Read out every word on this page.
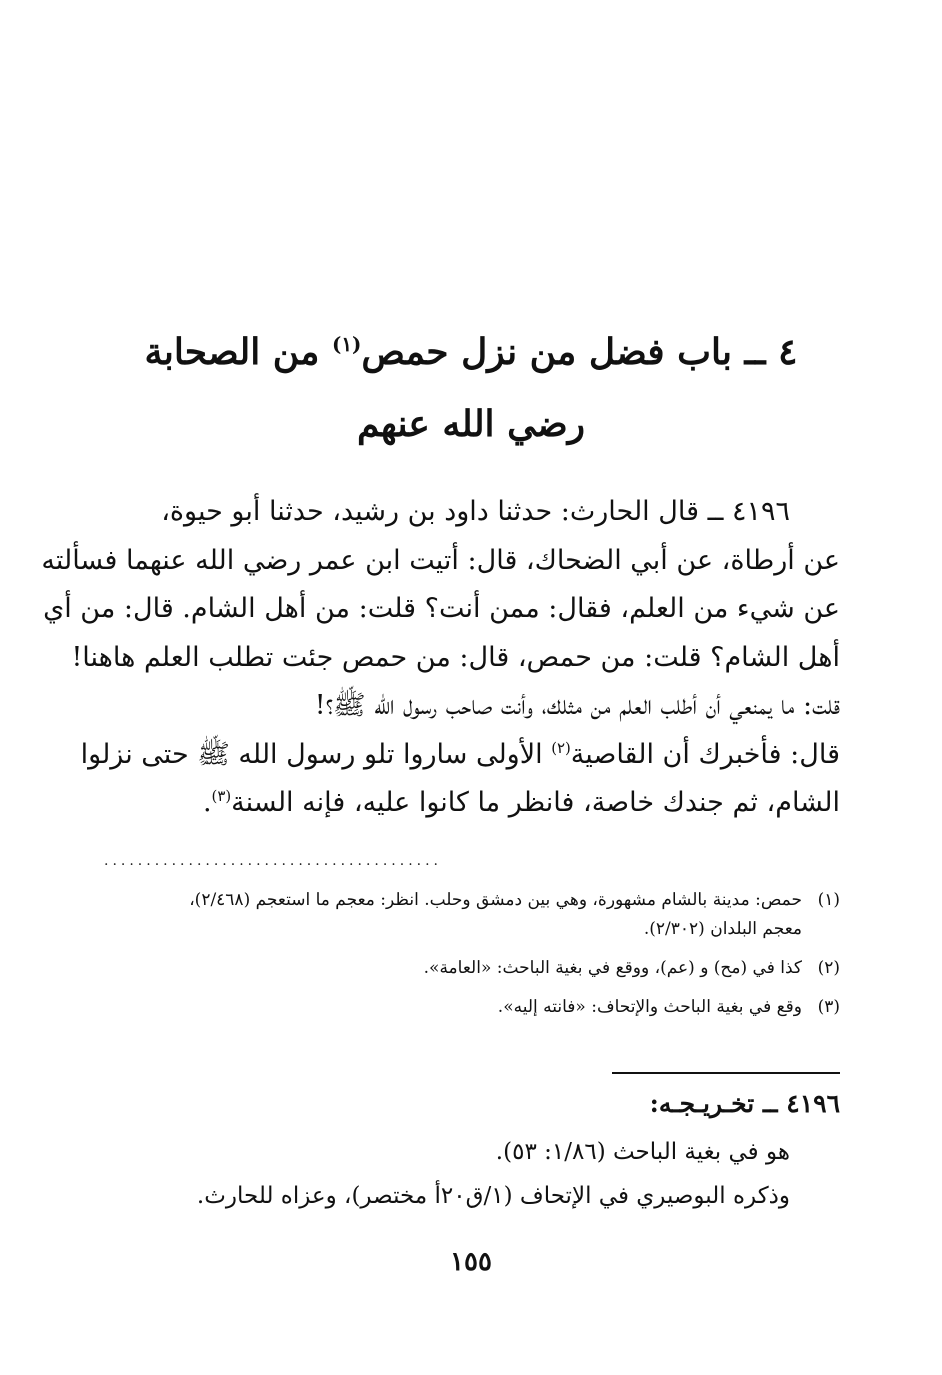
٤ ــ باب فضل من نزل حمص$^{(١)}$ من الصحابة
رضي الله عنهم
٤١٩٦ ــ قال الحارث: حدثنا داود بن رشيد، حدثنا أبو حيوة،
عن أرطاة، عن أبي الضحاك، قال: أتيت ابن عمر رضي الله عنهما فسألته
عن شيء من العلم، فقال: ممن أنت؟ قلت: من أهل الشام. قال: من أي
أهل الشام؟ قلت: من حمص، قال: من حمص جئت تطلب العلم هاهنا!
قلت: ما يمنعي أن أطلب العلم من مثلك، وأنت صاحب رسول الله ﷺ؟!
قال: فأخبرك أن القاصية$^{(٢)}$ الأولى ساروا تلو رسول الله ﷺ حتى نزلوا
الشام، ثم جندك خاصة، فانظر ما كانوا عليه، فإنه السنة$^{(٣)}$.
........................................
(١)حمص: مدينة بالشام مشهورة، وهي بين دمشق وحلب. انظر: معجم ما استعجم (٢/٤٦٨)،
معجم البلدان (٢/٣٠٢).
(٢)كذا في (مح) و (عم)، ووقع في بغية الباحث: «العامة».
(٣)وقع في بغية الباحث والإتحاف: «فانته إليه».
٤١٩٦ ــ تخـريـجـه:
هو في بغية الباحث (١/٨٦: ٥٣).
وذكره البوصيري في الإتحاف (١/ق٢٠أ مختصر)، وعزاه للحارث.
١٥٥
